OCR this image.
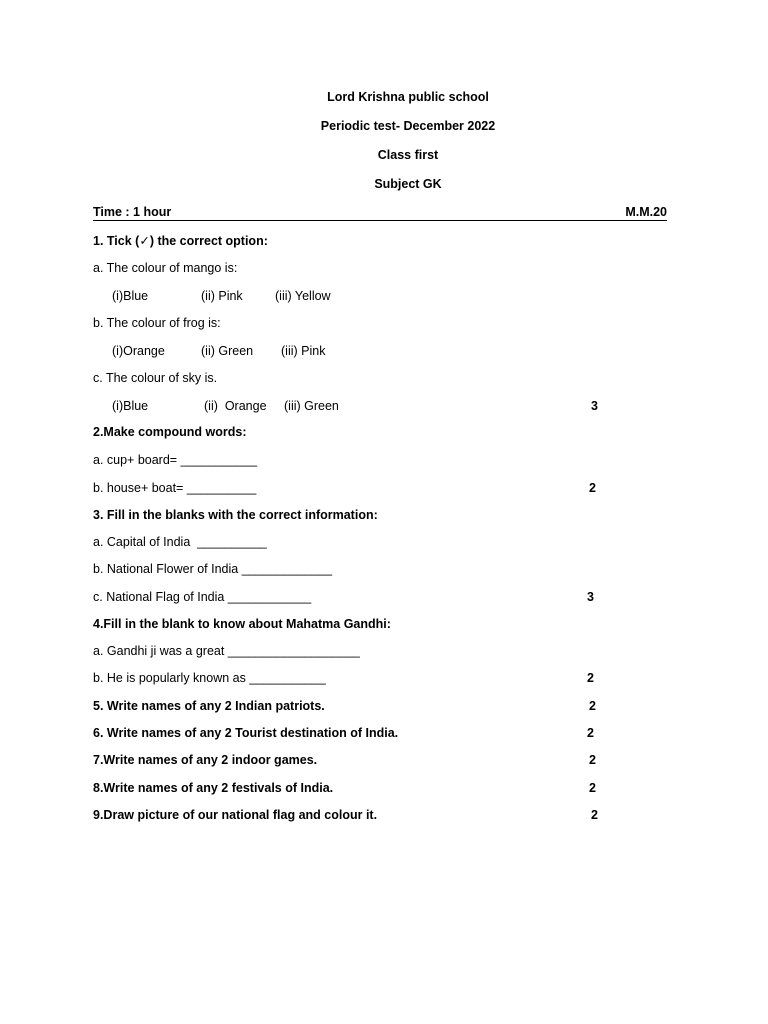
Lord Krishna public school
Periodic test- December 2022
Class first
Subject GK
Time : 1 hour	M.M.20
1. Tick (✓) the correct option:
a. The colour of mango is:
(i)Blue	(ii) Pink	(iii) Yellow
b. The colour of frog is:
(i)Orange	(ii) Green (iii) Pink
c. The colour of sky is.
(i)Blue	(ii)  Orange (iii) Green	3
2.Make compound words:
a. cup+ board= ___________
b. house+ boat= __________	2
3. Fill in the blanks with the correct information:
a. Capital of India  __________
b. National Flower of India _____________
c. National Flag of India ____________	3
4.Fill in the blank to know about Mahatma Gandhi:
a. Gandhi ji was a great ___________________
b. He is popularly known as ___________	2
5. Write names of any 2 Indian patriots.	2
6. Write names of any 2 Tourist destination of India.	2
7.Write names of any 2 indoor games.	2
8.Write names of any 2 festivals of India.	2
9.Draw picture of our national flag and colour it.	2
